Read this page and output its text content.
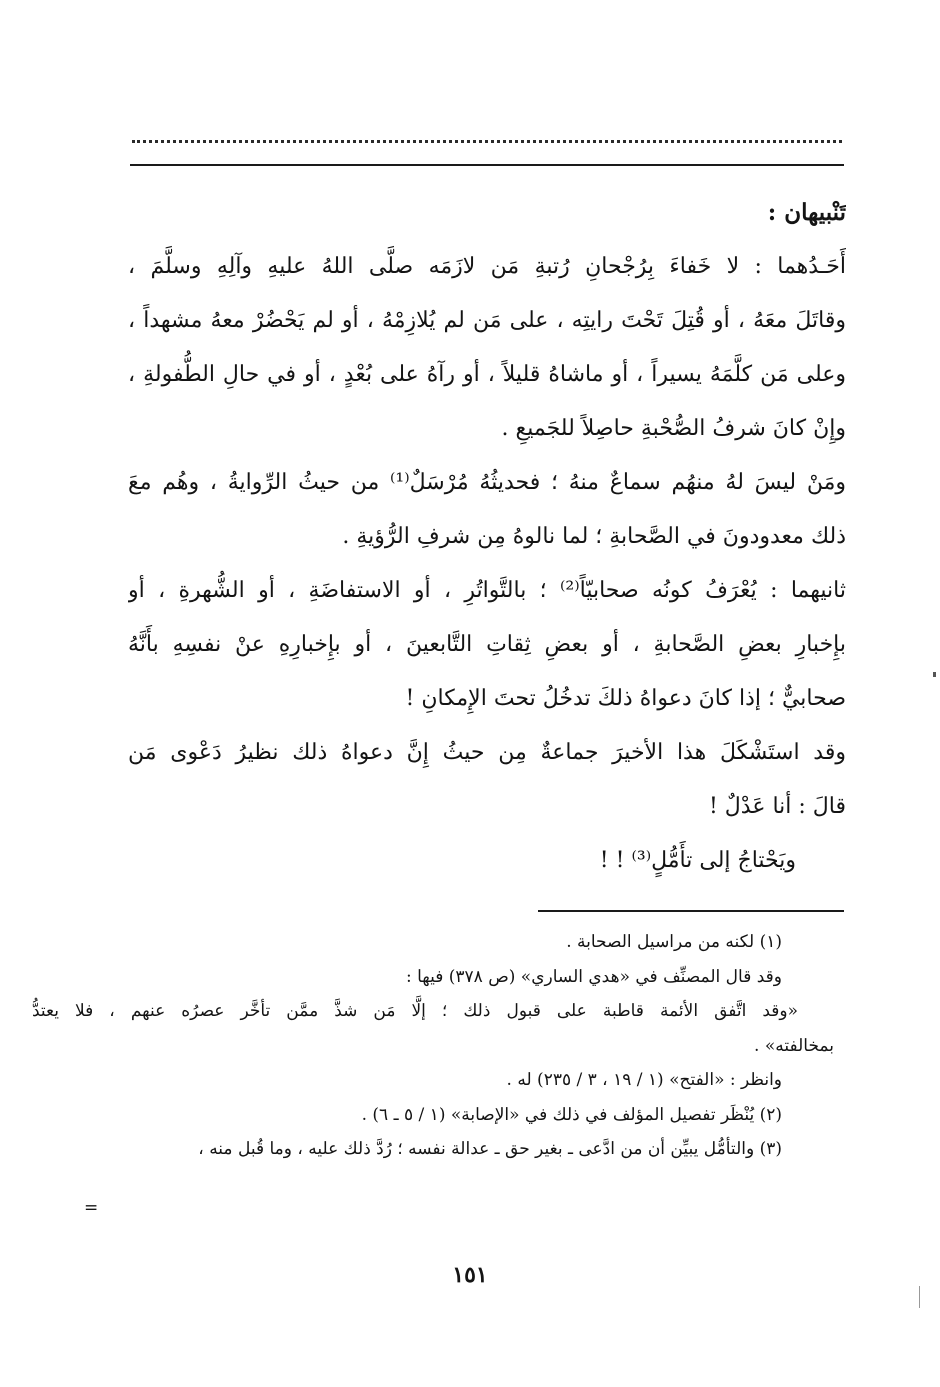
تَنْبيهان :
أَحَـدُهما : لا خَفاءَ بِرُجْحانِ رُتبةِ مَن لازَمَه صلَّى اللهُ عليهِ وآلِهِ وسلَّمَ ،
وقاتَلَ معَهُ ، أو قُتِلَ تَحْتَ رايتِه ، على مَن لم يُلازِمْهُ ، أو لم يَحْضُرْ معهُ مشهداً ،
وعلى مَن كلَّمَهُ يسيراً ، أو ماشاهُ قليلاً ، أو رآهُ على بُعْدٍ ، أو في حالِ الطُّفولةِ ،
وإِنْ كانَ شرفُ الصُّحْبةِ حاصِلاً للجَميعِ .
ومَنْ ليسَ لهُ منهُم سماعٌ منهُ ؛ فحديثُهُ مُرْسَلٌ⁽¹⁾ من حيثُ الرِّوايةُ ، وهُم معَ
ذلك معدودونَ في الصَّحابةِ ؛ لما نالوهُ مِن شرفِ الرُّؤيةِ .
ثانيهما : يُعْرَفُ كونُه صحابيّاً⁽²⁾ ؛ بالتَّواتُرِ ، أو الاستفاضَةِ ، أو الشُّهرةِ ، أو
بإِخبارِ بعضِ الصَّحابةِ ، أو بعضِ ثِقاتِ التَّابعينَ ، أو بإِخبارِهِ عنْ نفسِهِ بأَنَّهُ
صحابيٌّ ؛ إذا كانَ دعواهُ ذلكَ تدخُلُ تحتَ الإِمكانِ !
وقد استَشْكَلَ هذا الأخيرَ جماعةٌ مِن حيثُ إِنَّ دعواهُ ذلك نظيرُ دَعْوى مَن
قالَ : أنا عَدْلٌ !
ويَحْتاجُ إلى تأَمُّلٍ⁽³⁾ ! !
(١) لكنه من مراسيل الصحابة .
وقد قال المصنِّف في «هدي الساري» (ص ٣٧٨) فيها :
«وقد اتَّفق الأئمة قاطبة على قبول ذلك ؛ إلَّا مَن شذَّ ممَّن تأخَّر عصرُه عنهم ، فلا يعتدُّ
بمخالفته» .
وانظر : «الفتح» (١ / ١٩ ، ٣ / ٢٣٥) له .
(٢) يُنْظَر تفصيل المؤلف في ذلك في «الإصابة» (١ / ٥ ـ ٦) .
(٣) والتأمُّل يبيِّن أن من ادَّعى ـ بغير حق ـ عدالة نفسه ؛ رُدَّ ذلك عليه ، وما قُبل منه ،
=
١٥١
